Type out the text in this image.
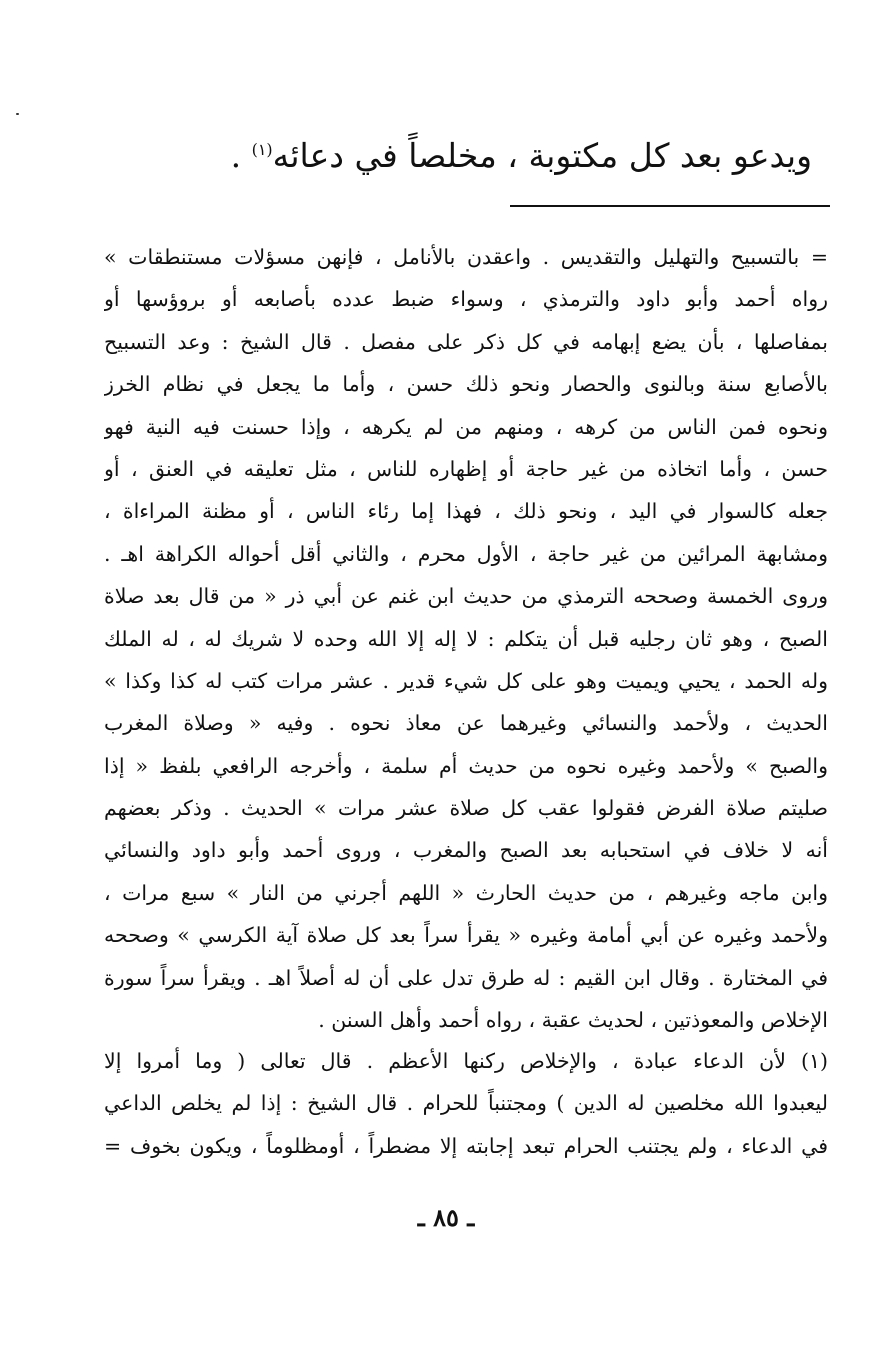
ويدعو بعد كل مكتوبة ، مخلصاً في دعائه$^{(١)}$ .
= بالتسبيح والتهليل والتقديس . واعقدن بالأنامل ، فإنهن مسؤلات مستنطقات »
رواه أحمد وأبو داود والترمذي ، وسواء ضبط عدده بأصابعه أو بروؤسها أو
بمفاصلها ، بأن يضع إبهامه في كل ذكر على مفصل . قال الشيخ : وعد التسبيح
بالأصابع سنة وبالنوى والحصار ونحو ذلك حسن ، وأما ما يجعل في نظام الخرز
ونحوه فمن الناس من كرهه ، ومنهم من لم يكرهه ، وإذا حسنت فيه النية فهو
حسن ، وأما اتخاذه من غير حاجة أو إظهاره للناس ، مثل تعليقه في العنق ، أو
جعله كالسوار في اليد ، ونحو ذلك ، فهذا إما رئاء الناس ، أو مظنة المراءاة ،
ومشابهة المرائين من غير حاجة ، الأول محرم ، والثاني أقل أحواله الكراهة اهـ .
وروى الخمسة وصححه الترمذي من حديث ابن غنم عن أبي ذر « من قال بعد صلاة
الصبح ، وهو ثان رجليه قبل أن يتكلم : لا إله إلا الله وحده لا شريك له ، له الملك
وله الحمد ، يحيي ويميت وهو على كل شيء قدير . عشر مرات كتب له كذا وكذا »
الحديث ، ولأحمد والنسائي وغيرهما عن معاذ نحوه . وفيه « وصلاة المغرب
والصبح » ولأحمد وغيره نحوه من حديث أم سلمة ، وأخرجه الرافعي بلفظ « إذا
صليتم صلاة الفرض فقولوا عقب كل صلاة عشر مرات » الحديث . وذكر بعضهم
أنه لا خلاف في استحبابه بعد الصبح والمغرب ، وروى أحمد وأبو داود والنسائي
وابن ماجه وغيرهم ، من حديث الحارث « اللهم أجرني من النار » سبع مرات ،
ولأحمد وغيره عن أبي أمامة وغيره « يقرأ سراً بعد كل صلاة آية الكرسي » وصححه
في المختارة . وقال ابن القيم : له طرق تدل على أن له أصلاً اهـ . ويقرأ سراً سورة
الإخلاص والمعوذتين ، لحديث عقبة ، رواه أحمد وأهل السنن .
(١) لأن الدعاء عبادة ، والإخلاص ركنها الأعظم . قال تعالى ( وما أمروا إلا
ليعبدوا الله مخلصين له الدين ) ومجتنباً للحرام . قال الشيخ : إذا لم يخلص الداعي
في الدعاء ، ولم يجتنب الحرام تبعد إجابته إلا مضطراً ، أومظلوماً ، ويكون بخوف =
ـ ٨٥ ـ
